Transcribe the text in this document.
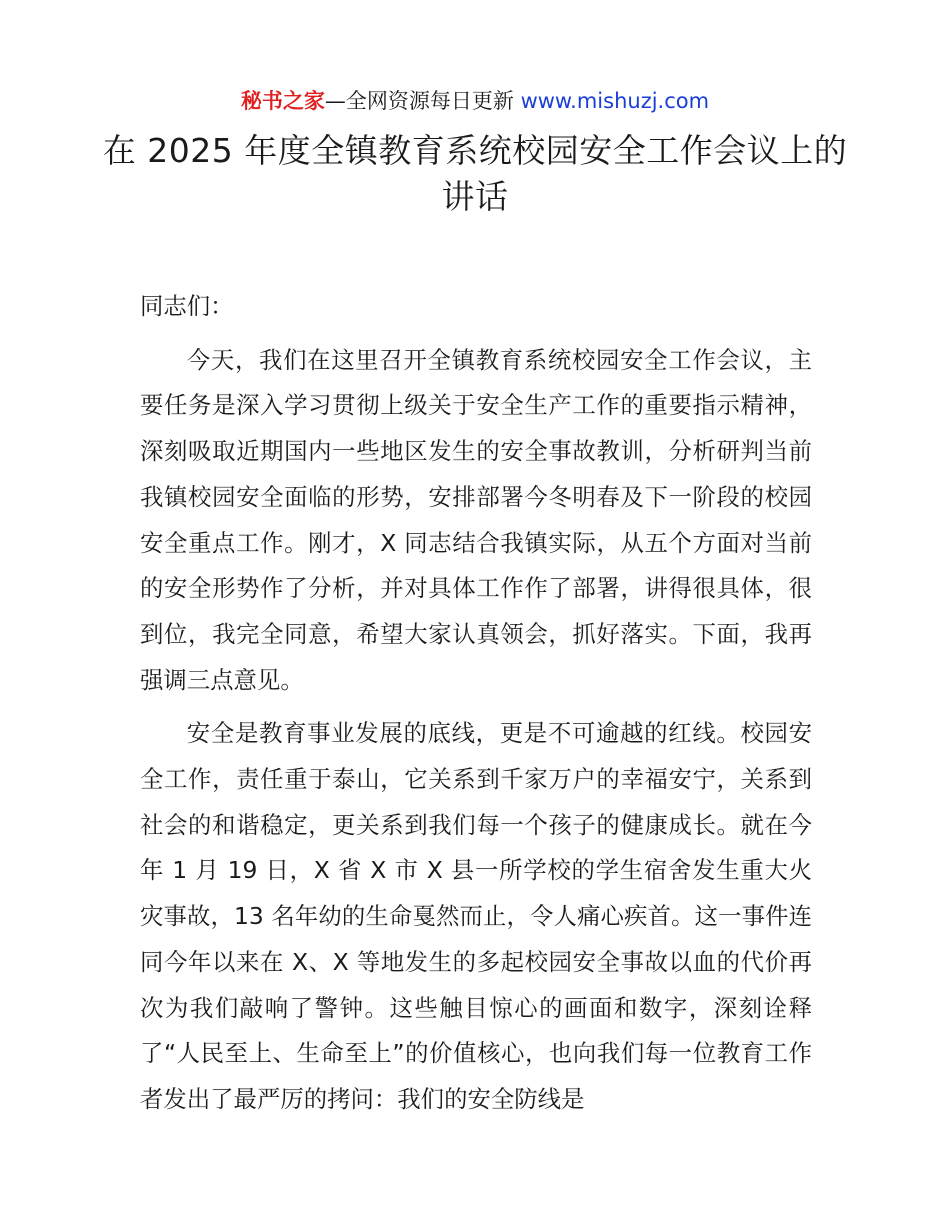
秘书之家—全网资源每日更新 www.mishuzj.com
在 2025 年度全镇教育系统校园安全工作会议上的讲话

同志们：

今天，我们在这里召开全镇教育系统校园安全工作会议，主要任务是深入学习贯彻上级关于安全生产工作的重要指示精神，深刻吸取近期国内一些地区发生的安全事故教训，分析研判当前我镇校园安全面临的形势，安排部署今冬明春及下一阶段的校园安全重点工作。刚才，X 同志结合我镇实际，从五个方面对当前的安全形势作了分析，并对具体工作作了部署，讲得很具体，很到位，我完全同意，希望大家认真领会，抓好落实。下面，我再强调三点意见。

安全是教育事业发展的底线，更是不可逾越的红线。校园安全工作，责任重于泰山，它关系到千家万户的幸福安宁，关系到社会的和谐稳定，更关系到我们每一个孩子的健康成长。就在今年 1 月 19 日，X 省 X 市 X 县一所学校的学生宿舍发生重大火灾事故，13 名年幼的生命戛然而止，令人痛心疾首。这一事件连同今年以来在 X、X 等地发生的多起校园安全事故以血的代价再次为我们敲响了警钟。这些触目惊心的画面和数字，深刻诠释了“人民至上、生命至上”的价值核心，也向我们每一位教育工作者发出了最严厉的拷问：我们的安全防线是
